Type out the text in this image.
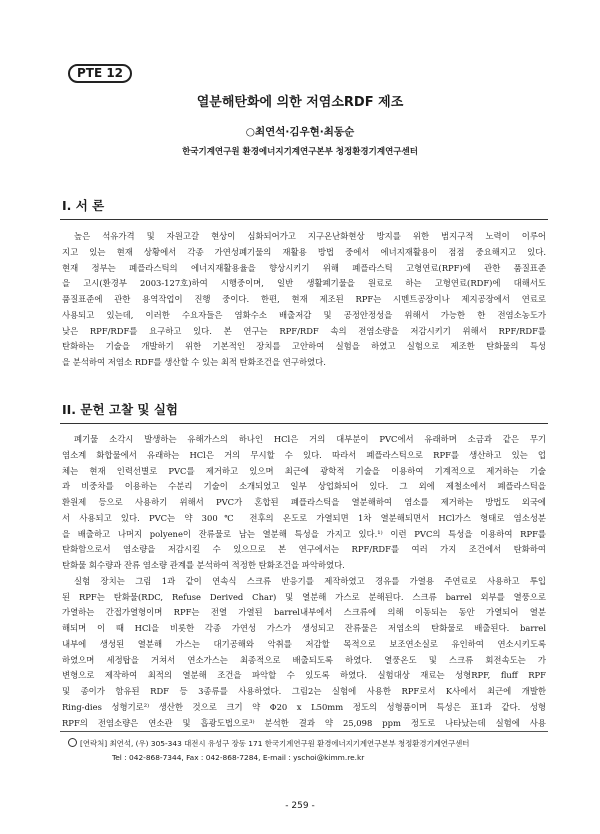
PTE 12
열분해탄화에 의한 저염소RDF 제조
○최연석·김우현·최동순
한국기계연구원 환경에너지기계연구본부 청정환경기계연구센터
I. 서 론
높은 석유가격 및 자원고갈 현상이 심화되어가고 지구온난화현상 방지를 위한 범지구적 노력이 이루어
지고 있는 현재 상황에서 각종 가연성폐기물의 재활용 방법 중에서 에너지재활용이 점점 중요해지고 있다.
현재 정부는 폐플라스틱의 에너지재활용율을 향상시키기 위해 폐플라스틱 고형연료(RPF)에 관한 품질표준
을 고시(환경부 2003-127호)하여 시행중이며, 일반 생활폐기물을 원료로 하는 고형연료(RDF)에 대해서도
품질표준에 관한 용역작업이 진행 중이다. 한편, 현재 제조된 RPF는 시멘트공장이나 제지공장에서 연료로
사용되고 있는데, 이러한 수요자들은 염화수소 배출저감 및 공정안정성을 위해서 가능한 한 전염소농도가
낮은 RPF/RDF를 요구하고 있다. 본 연구는 RPF/RDF 속의 전염소량을 저감시키기 위해서 RPF/RDF를
탄화하는 기술을 개발하기 위한 기본적인 장치를 고안하여 실험을 하였고 실험으로 제조한 탄화물의 특성
을 분석하여 저염소 RDF를 생산할 수 있는 최적 탄화조건을 연구하였다.
II. 문헌 고찰 및 실험
폐기물 소각시 발생하는 유해가스의 하나인 HCl은 거의 대부분이 PVC에서 유래하며 소금과 같은 무기
염소계 화합물에서 유래하는 HCl은 거의 무시할 수 있다. 따라서 폐플라스틱으로 RPF를 생산하고 있는 업
체는 현재 인력선별로 PVC를 제거하고 있으며 최근에 광학적 기술을 이용하여 기계적으로 제거하는 기술
과 비중차를 이용하는 수분리 기술이 소개되었고 일부 상업화되어 있다. 그 외에 제철소에서 폐플라스틱을
환원제 등으로 사용하기 위해서 PVC가 혼합된 폐플라스틱을 열분해하여 염소를 제거하는 방법도 외국에
서 사용되고 있다. PVC는 약 300℃ 전후의 온도로 가열되면 1차 열분해되면서 HCl가스 형태로 염소성분
을 배출하고 나머지 polyene이 잔류물로 남는 열분해 특성을 가지고 있다.¹⁾ 이런 PVC의 특성을 이용하여 RPF를
탄화함으로서 염소량을 저감시킬 수 있으므로 본 연구에서는 RPF/RDF를 여러 가지 조건에서 탄화하여
탄화물 회수량과 잔류 염소량 관계를 분석하여 적정한 탄화조건을 파악하였다.
실험 장치는 그림 1과 같이 연속식 스크류 반응기를 제작하였고 경유를 가열용 주연료로 사용하고 투입
된 RPF는 탄화물(RDC, Refuse Derived Char) 및 열분해 가스로 분해된다. 스크류 barrel 외부를 열풍으로
가열하는 간접가열형이며 RPF는 전열 가열된 barrel내부에서 스크류에 의해 이동되는 동안 가열되어 열분
해되며 이 때 HCl을 비롯한 각종 가연성 가스가 생성되고 잔류물은 저염소의 탄화물로 배출된다. barrel
내부에 생성된 열분해 가스는 대기공해와 악취를 저감할 목적으로 보조연소실로 유인하여 연소시키도록
하였으며 세정탑을 거쳐서 연소가스는 최종적으로 배출되도록 하였다. 열풍온도 및 스크류 회전속도는 가
변형으로 제작하여 최적의 열분해 조건을 파악할 수 있도록 하였다. 실험대상 재료는 성형RPF, fluff RPF
및 종이가 함유된 RDF 등 3종류를 사용하였다. 그림2는 실험에 사용한 RPF로서 K사에서 최근에 개발한
Ring-dies 성형기로²⁾ 생산한 것으로 크기 약 Φ20 x L50mm 정도의 성형품이며 특성은 표1과 같다. 성형
RPF의 전염소량은 연소관 및 흡광도법으로³⁾ 분석한 결과 약 25,098 ppm 정도로 나타났는데 실험에 사용
[연락처] 최연석, (우) 305-343 대전시 유성구 장동 171 한국기계연구원 환경에너지기계연구본부 청정환경기계연구센터
Tel : 042-868-7344, Fax : 042-868-7284, E-mail : yschoi@kimm.re.kr
- 259 -
